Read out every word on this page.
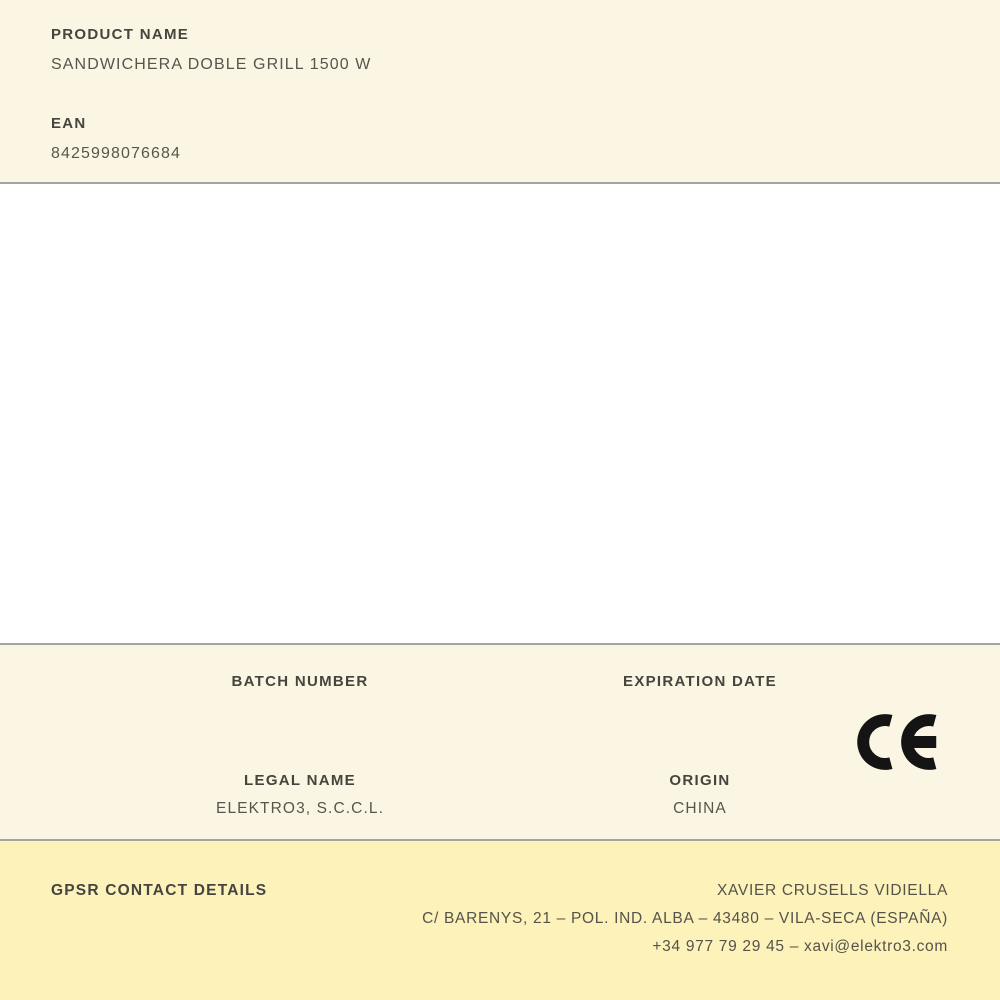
PRODUCT NAME
SANDWICHERA DOBLE GRILL 1500 W
EAN
8425998076684
BATCH NUMBER	EXPIRATION DATE
LEGAL NAME
ELEKTRO3, S.C.C.L.
ORIGIN
CHINA
GPSR CONTACT DETAILS	XAVIER CRUSELLS VIDIELLA
C/ BARENYS, 21 – POL. IND. ALBA – 43480 – VILA-SECA (ESPAÑA)
+34 977 79 29 45 – xavi@elektro3.com
